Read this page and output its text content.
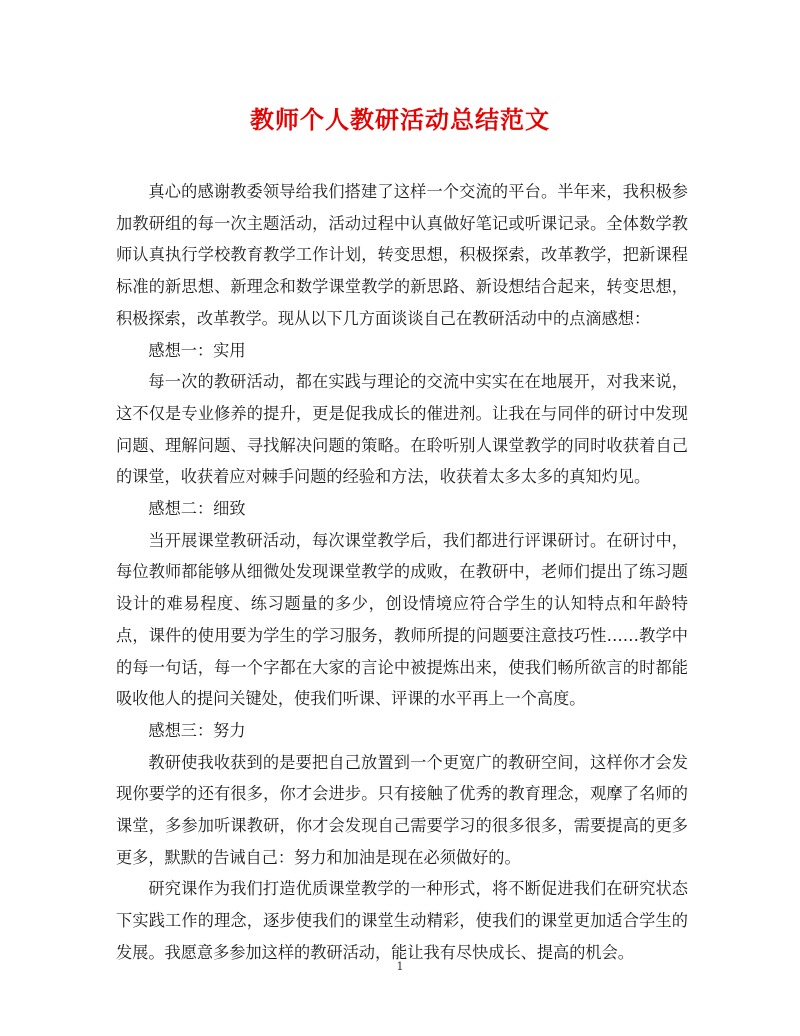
教师个人教研活动总结范文

真心的感谢教委领导给我们搭建了这样一个交流的平台。半年来，我积极参加教研组的每一次主题活动，活动过程中认真做好笔记或听课记录。全体数学教师认真执行学校教育教学工作计划，转变思想，积极探索，改革教学，把新课程标准的新思想、新理念和数学课堂教学的新思路、新设想结合起来，转变思想，积极探索，改革教学。现从以下几方面谈谈自己在教研活动中的点滴感想：

感想一：实用

每一次的教研活动，都在实践与理论的交流中实实在在地展开，对我来说，这不仅是专业修养的提升，更是促我成长的催进剂。让我在与同伴的研讨中发现问题、理解问题、寻找解决问题的策略。在聆听别人课堂教学的同时收获着自己的课堂，收获着应对棘手问题的经验和方法，收获着太多太多的真知灼见。

感想二：细致

当开展课堂教研活动，每次课堂教学后，我们都进行评课研讨。在研讨中，每位教师都能够从细微处发现课堂教学的成败，在教研中，老师们提出了练习题设计的难易程度、练习题量的多少，创设情境应符合学生的认知特点和年龄特点，课件的使用要为学生的学习服务，教师所提的问题要注意技巧性……教学中的每一句话，每一个字都在大家的言论中被提炼出来，使我们畅所欲言的时都能吸收他人的提问关键处，使我们听课、评课的水平再上一个高度。

感想三：努力

教研使我收获到的是要把自己放置到一个更宽广的教研空间，这样你才会发现你要学的还有很多，你才会进步。只有接触了优秀的教育理念，观摩了名师的课堂，多参加听课教研，你才会发现自己需要学习的很多很多，需要提高的更多更多，默默的告诫自己：努力和加油是现在必须做好的。

研究课作为我们打造优质课堂教学的一种形式，将不断促进我们在研究状态下实践工作的理念，逐步使我们的课堂生动精彩，使我们的课堂更加适合学生的发展。我愿意多参加这样的教研活动，能让我有尽快成长、提高的机会。

1
